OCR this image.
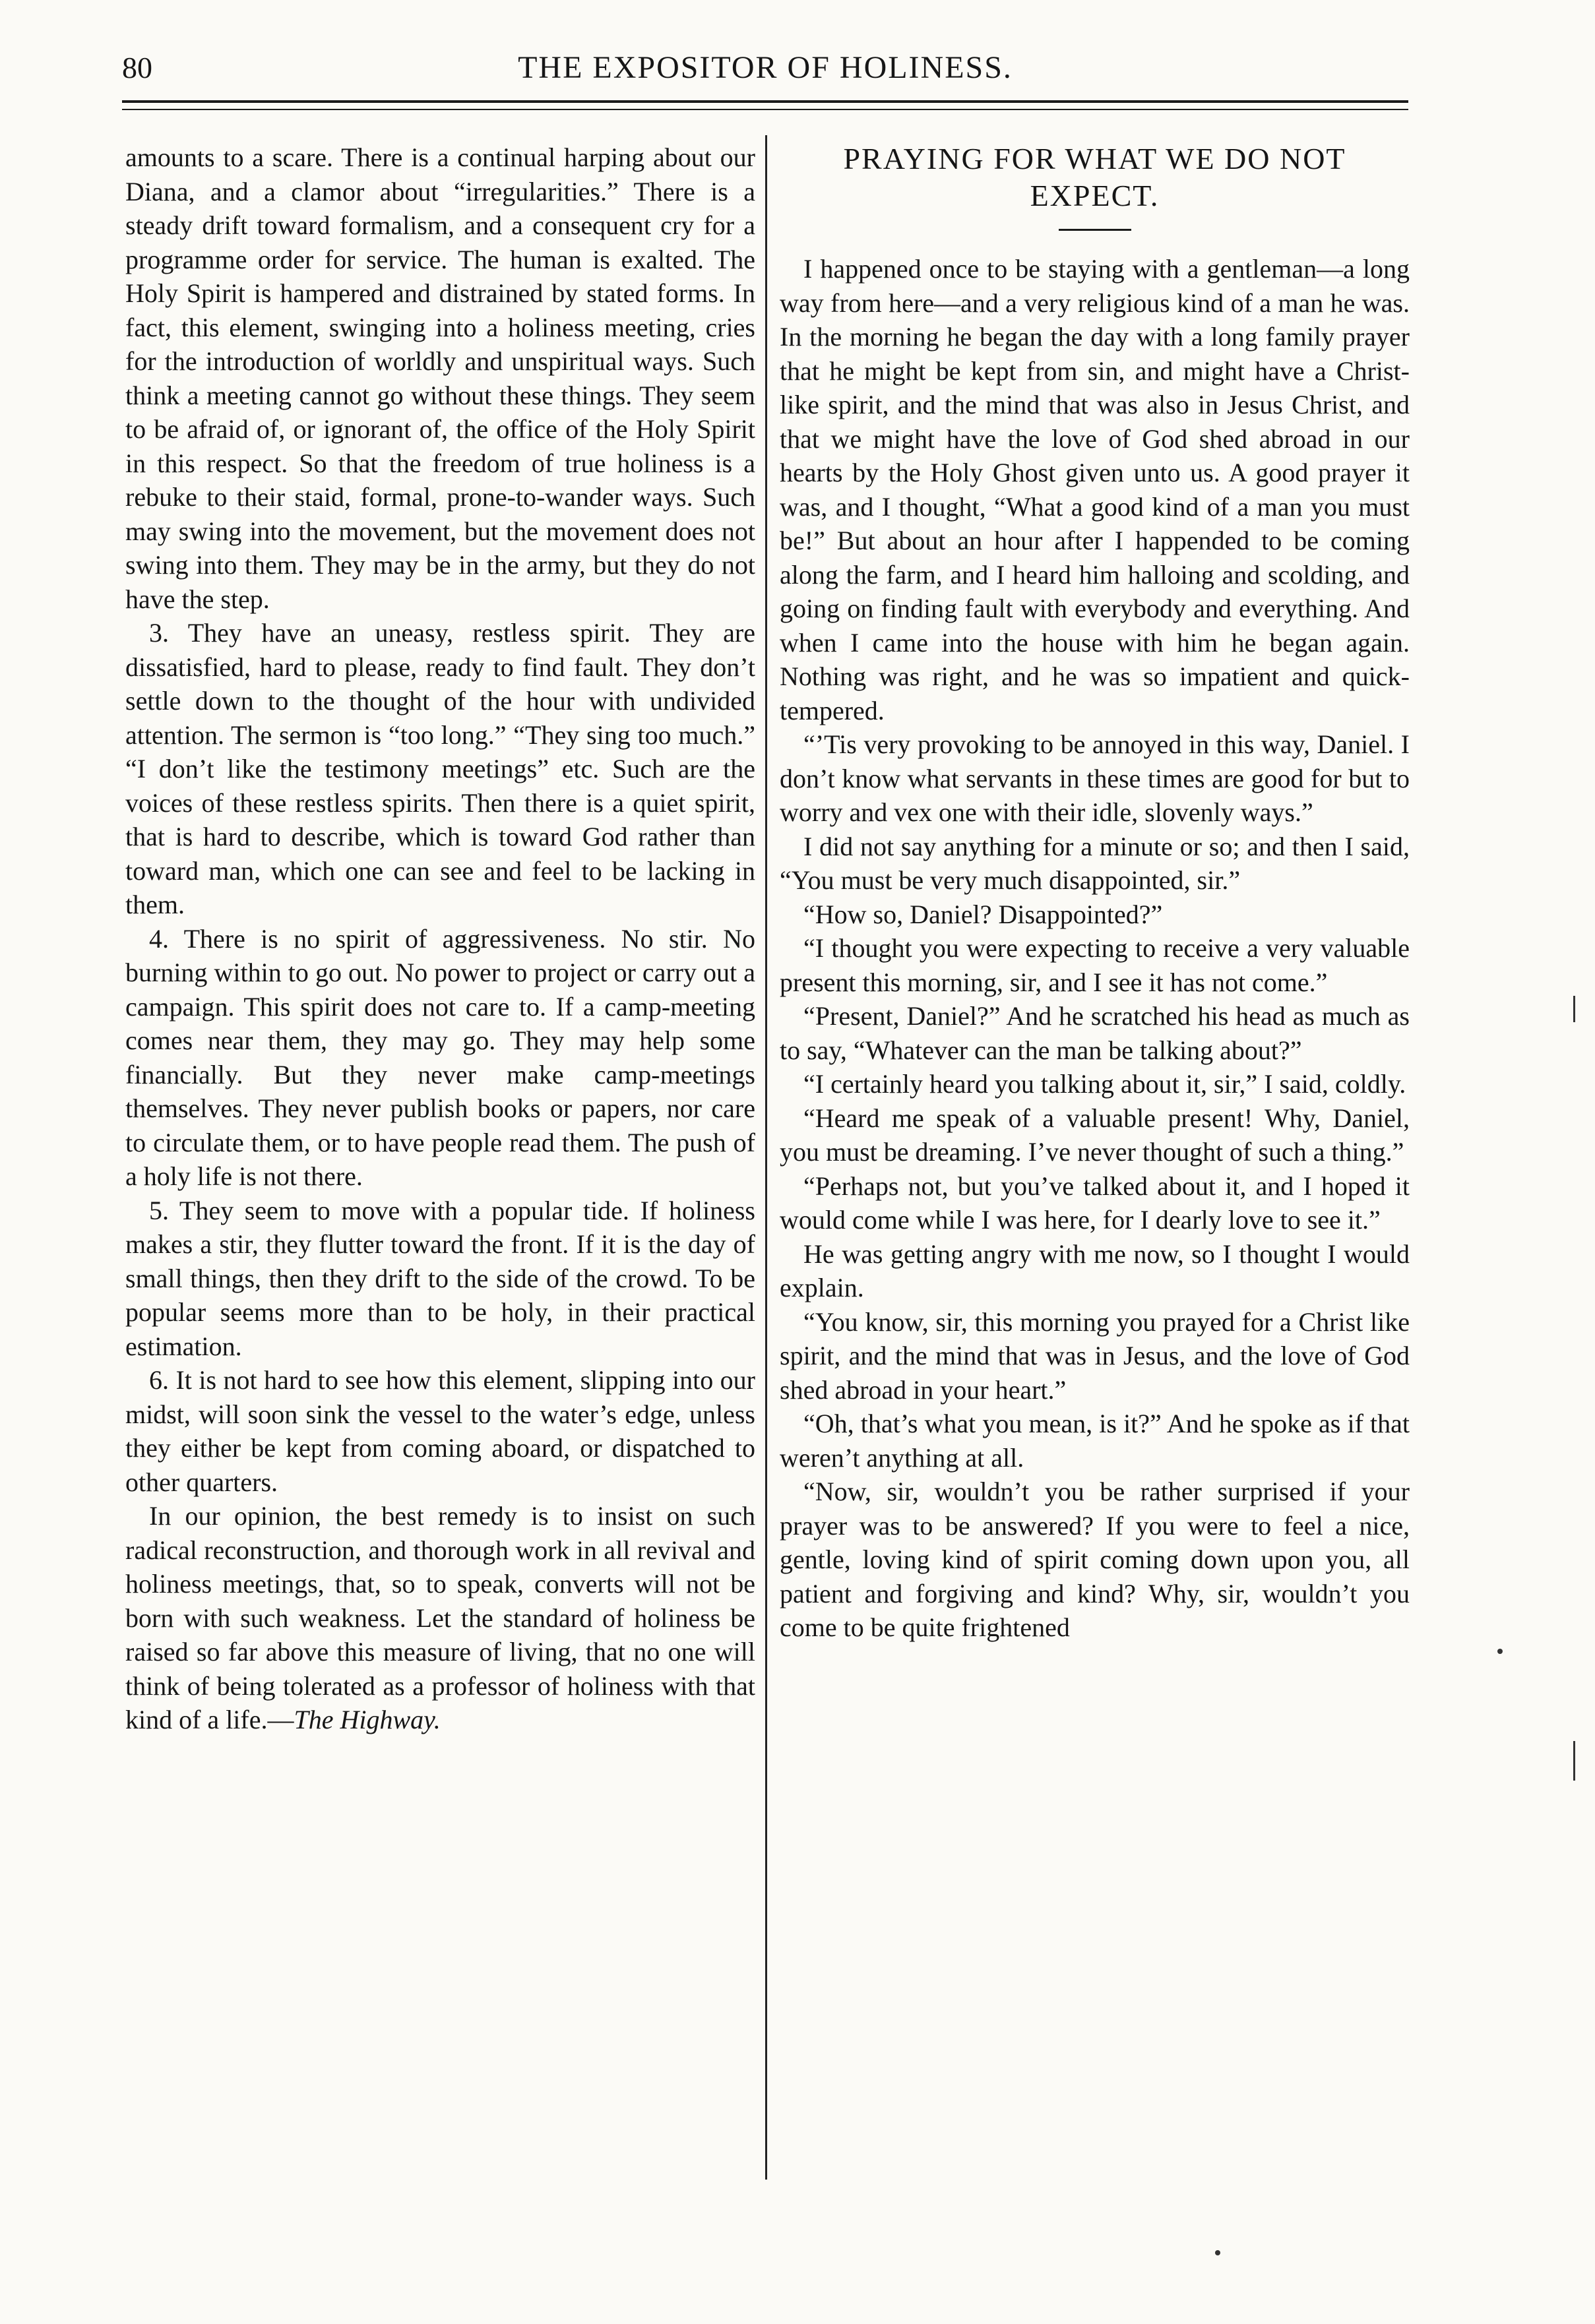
80	THE EXPOSITOR OF HOLINESS.

amounts to a scare. There is a continual harping about our Diana, and a clamor about “irregularities.” There is a steady drift toward formalism, and a consequent cry for a programme order for service. The human is exalted. The Holy Spirit is hampered and distrained by stated forms. In fact, this element, swinging into a holiness meeting, cries for the introduction of worldly and unspiritual ways. Such think a meeting cannot go without these things. They seem to be afraid of, or ignorant of, the office of the Holy Spirit in this respect. So that the freedom of true holiness is a rebuke to their staid, formal, prone-to-wander ways. Such may swing into the movement, but the movement does not swing into them. They may be in the army, but they do not have the step.

3. They have an uneasy, restless spirit. They are dissatisfied, hard to please, ready to find fault. They don’t settle down to the thought of the hour with undivided attention. The sermon is “too long.” “They sing too much.” “I don’t like the testimony meetings” etc. Such are the voices of these restless spirits. Then there is a quiet spirit, that is hard to describe, which is toward God rather than toward man, which one can see and feel to be lacking in them.

4. There is no spirit of aggressiveness. No stir. No burning within to go out. No power to project or carry out a campaign. This spirit does not care to. If a camp-meeting comes near them, they may go. They may help some financially. But they never make camp-meetings themselves. They never publish books or papers, nor care to circulate them, or to have people read them. The push of a holy life is not there.

5. They seem to move with a popular tide. If holiness makes a stir, they flutter toward the front. If it is the day of small things, then they drift to the side of the crowd. To be popular seems more than to be holy, in their practical estimation.

6. It is not hard to see how this element, slipping into our midst, will soon sink the vessel to the water’s edge, unless they either be kept from coming aboard, or dispatched to other quarters.

In our opinion, the best remedy is to insist on such radical reconstruction, and thorough work in all revival and holiness meetings, that, so to speak, converts will not be born with such weakness. Let the standard of holiness be raised so far above this measure of living, that no one will think of being tolerated as a professor of holiness with that kind of a life.—The Highway.

PRAYING FOR WHAT WE DO NOT EXPECT.

I happened once to be staying with a gentleman—a long way from here—and a very religious kind of a man he was. In the morning he began the day with a long family prayer that he might be kept from sin, and might have a Christ-like spirit, and the mind that was also in Jesus Christ, and that we might have the love of God shed abroad in our hearts by the Holy Ghost given unto us. A good prayer it was, and I thought, “What a good kind of a man you must be!” But about an hour after I happended to be coming along the farm, and I heard him halloing and scolding, and going on finding fault with everybody and everything. And when I came into the house with him he began again. Nothing was right, and he was so impatient and quick-tempered.

“’Tis very provoking to be annoyed in this way, Daniel. I don’t know what servants in these times are good for but to worry and vex one with their idle, slovenly ways.”

I did not say anything for a minute or so; and then I said, “You must be very much disappointed, sir.”

“How so, Daniel? Disappointed?”

“I thought you were expecting to receive a very valuable present this morning, sir, and I see it has not come.”

“Present, Daniel?” And he scratched his head as much as to say, “Whatever can the man be talking about?”

“I certainly heard you talking about it, sir,” I said, coldly.

“Heard me speak of a valuable present! Why, Daniel, you must be dreaming. I’ve never thought of such a thing.”

“Perhaps not, but you’ve talked about it, and I hoped it would come while I was here, for I dearly love to see it.”

He was getting angry with me now, so I thought I would explain.

“You know, sir, this morning you prayed for a Christ like spirit, and the mind that was in Jesus, and the love of God shed abroad in your heart.”

“Oh, that’s what you mean, is it?” And he spoke as if that weren’t anything at all.

“Now, sir, wouldn’t you be rather surprised if your prayer was to be answered? If you were to feel a nice, gentle, loving kind of spirit coming down upon you, all patient and forgiving and kind? Why, sir, wouldn’t you come to be quite frightened
